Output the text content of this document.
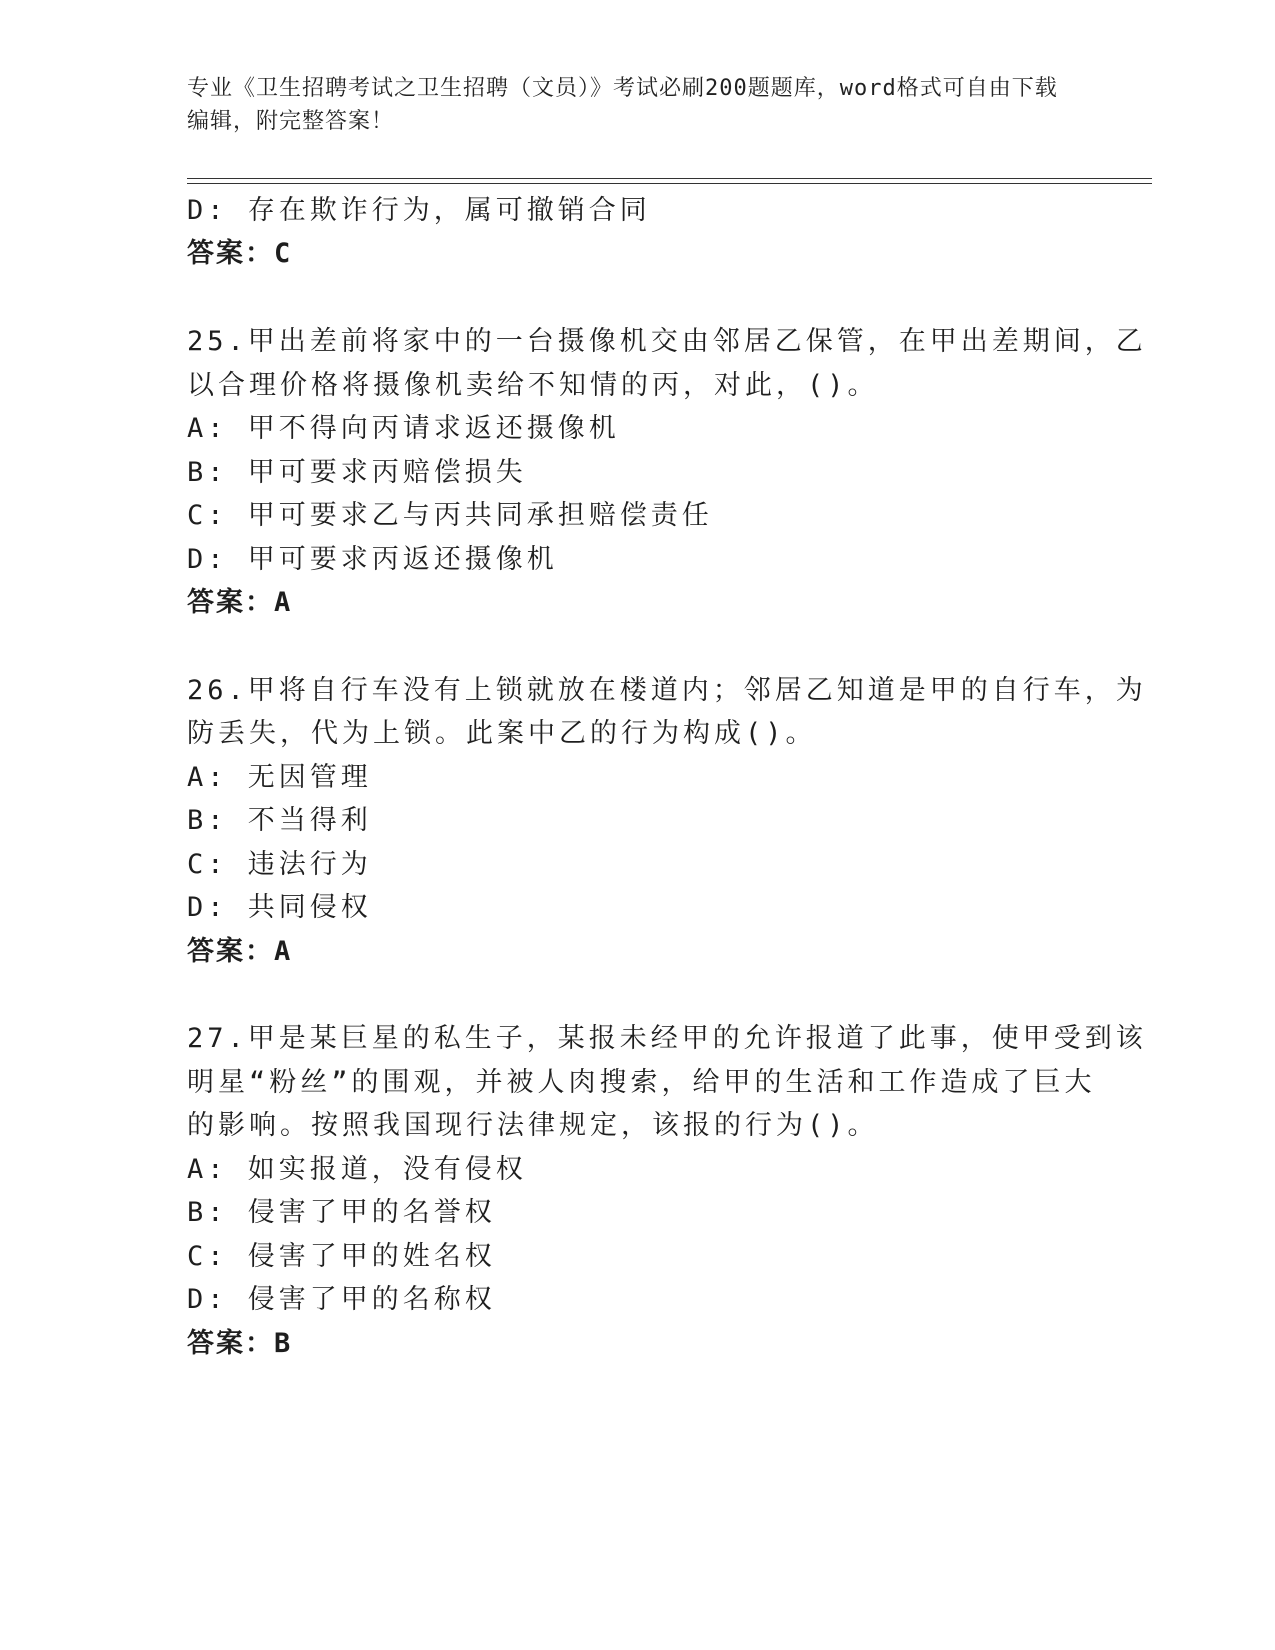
专业《卫生招聘考试之卫生招聘（文员）》考试必刷200题题库，word格式可自由下载编辑，附完整答案！
D: 存在欺诈行为，属可撤销合同
答案：C
25.甲出差前将家中的一台摄像机交由邻居乙保管，在甲出差期间，乙
以合理价格将摄像机卖给不知情的丙，对此，()。
A: 甲不得向丙请求返还摄像机
B: 甲可要求丙赔偿损失
C: 甲可要求乙与丙共同承担赔偿责任
D: 甲可要求丙返还摄像机
答案：A
26.甲将自行车没有上锁就放在楼道内；邻居乙知道是甲的自行车，为
防丢失，代为上锁。此案中乙的行为构成()。
A: 无因管理
B: 不当得利
C: 违法行为
D: 共同侵权
答案：A
27.甲是某巨星的私生子，某报未经甲的允许报道了此事，使甲受到该
明星“粉丝”的围观，并被人肉搜索，给甲的生活和工作造成了巨大
的影响。按照我国现行法律规定，该报的行为()。
A: 如实报道，没有侵权
B: 侵害了甲的名誉权
C: 侵害了甲的姓名权
D: 侵害了甲的名称权
答案：B
